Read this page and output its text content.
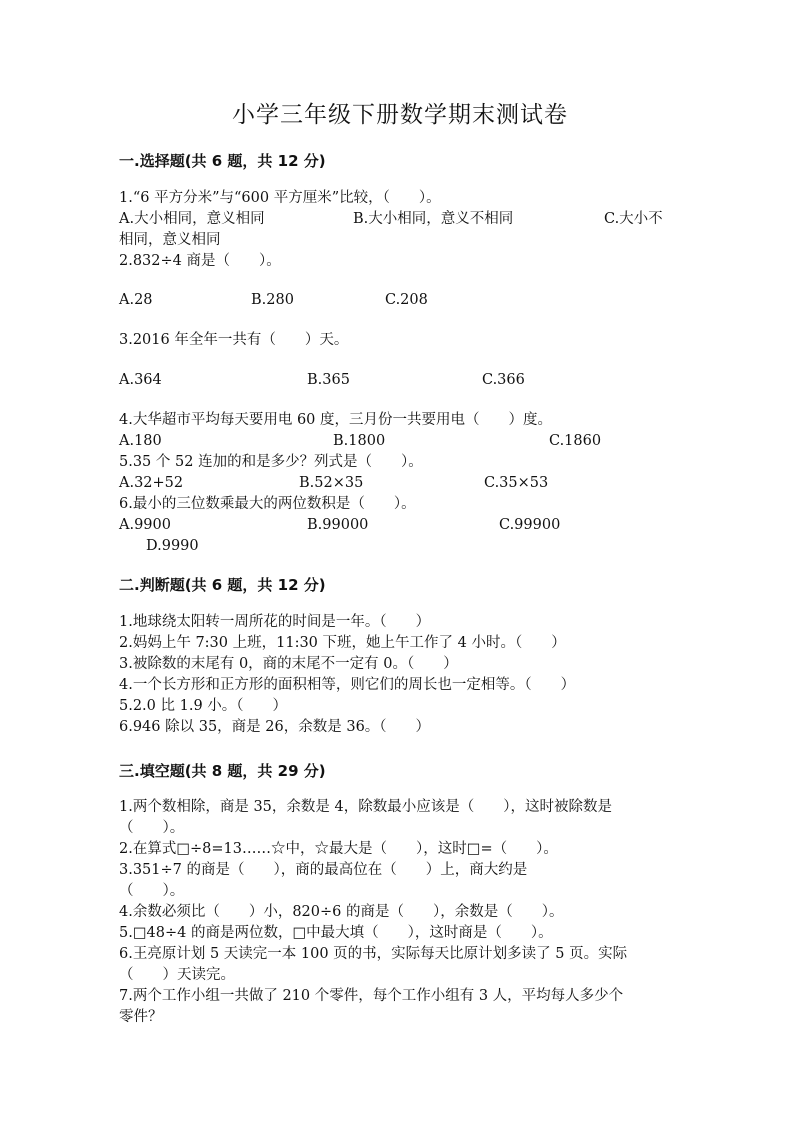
小学三年级下册数学期末测试卷
一.选择题(共 6 题，共 12 分)
1.“6 平方分米”与“600 平方厘米”比较，（　　）。
A.大小相同，意义相同	B.大小相同，意义不相同	C.大小不
相同，意义相同
2.832÷4 商是（　　）。
A.28	B.280	C.208
3.2016 年全年一共有（　　）天。
A.364	B.365	C.366
4.大华超市平均每天要用电 60 度，三月份一共要用电（　　）度。
A.180	B.1800	C.1860
5.35 个 52 连加的和是多少？列式是（　　）。
A.32+52	B.52×35	C.35×53
6.最小的三位数乘最大的两位数积是（　　）。
A.9900	B.99000	C.99900
D.9990
二.判断题(共 6 题，共 12 分)
1.地球绕太阳转一周所花的时间是一年。（　　）
2.妈妈上午 7:30 上班，11:30 下班，她上午工作了 4 小时。（　　）
3.被除数的末尾有 0，商的末尾不一定有 0。（　　）
4.一个长方形和正方形的面积相等，则它们的周长也一定相等。（　　）
5.2.0 比 1.9 小。（　　）
6.946 除以 35，商是 26，余数是 36。（　　）
三.填空题(共 8 题，共 29 分)
1.两个数相除，商是 35，余数是 4，除数最小应该是（　　），这时被除数是
（　　）。
2.在算式□÷8=13……☆中，☆最大是（　　），这时□=（　　）。
3.351÷7 的商是（　　），商的最高位在（　　）上，商大约是
（　　）。
4.余数必须比（　　）小，820÷6 的商是（　　），余数是（　　）。
5.□48÷4 的商是两位数，□中最大填（　　），这时商是（　　）。
6.王亮原计划 5 天读完一本 100 页的书，实际每天比原计划多读了 5 页。实际
（　　）天读完。
7.两个工作小组一共做了 210 个零件，每个工作小组有 3 人，平均每人多少个
零件？
